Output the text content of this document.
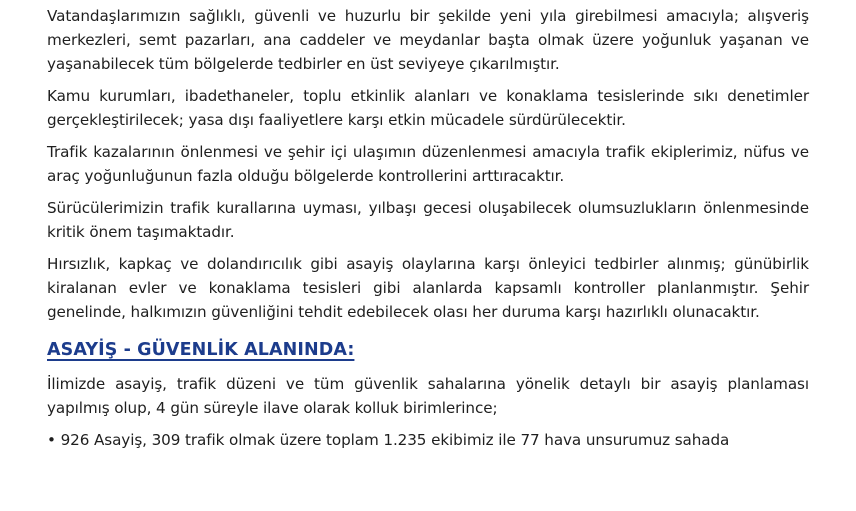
Vatandaşlarımızın sağlıklı, güvenli ve huzurlu bir şekilde yeni yıla girebilmesi amacıyla; alışveriş merkezleri, semt pazarları, ana caddeler ve meydanlar başta olmak üzere yoğunluk yaşanan ve yaşanabilecek tüm bölgelerde tedbirler en üst seviyeye çıkarılmıştır.

Kamu kurumları, ibadethaneler, toplu etkinlik alanları ve konaklama tesislerinde sıkı denetimler gerçekleştirilecek; yasa dışı faaliyetlere karşı etkin mücadele sürdürülecektir.

Trafik kazalarının önlenmesi ve şehir içi ulaşımın düzenlenmesi amacıyla trafik ekiplerimiz, nüfus ve araç yoğunluğunun fazla olduğu bölgelerde kontrollerini arttıracaktır.

Sürücülerimizin trafik kurallarına uyması, yılbaşı gecesi oluşabilecek olumsuzlukların önlenmesinde kritik önem taşımaktadır.

Hırsızlık, kapkaç ve dolandırıcılık gibi asayiş olaylarına karşı önleyici tedbirler alınmış; günübirlik kiralanan evler ve konaklama tesisleri gibi alanlarda kapsamlı kontroller planlanmıştır. Şehir genelinde, halkımızın güvenliğini tehdit edebilecek olası her duruma karşı hazırlıklı olunacaktır.

ASAYİŞ - GÜVENLİK ALANINDA:

İlimizde asayiş, trafik düzeni ve tüm güvenlik sahalarına yönelik detaylı bir asayiş planlaması yapılmış olup, 4 gün süreyle ilave olarak kolluk birimlerince;

• 926 Asayiş, 309 trafik olmak üzere toplam 1.235 ekibimiz ile 77 hava unsurumuz sahada
